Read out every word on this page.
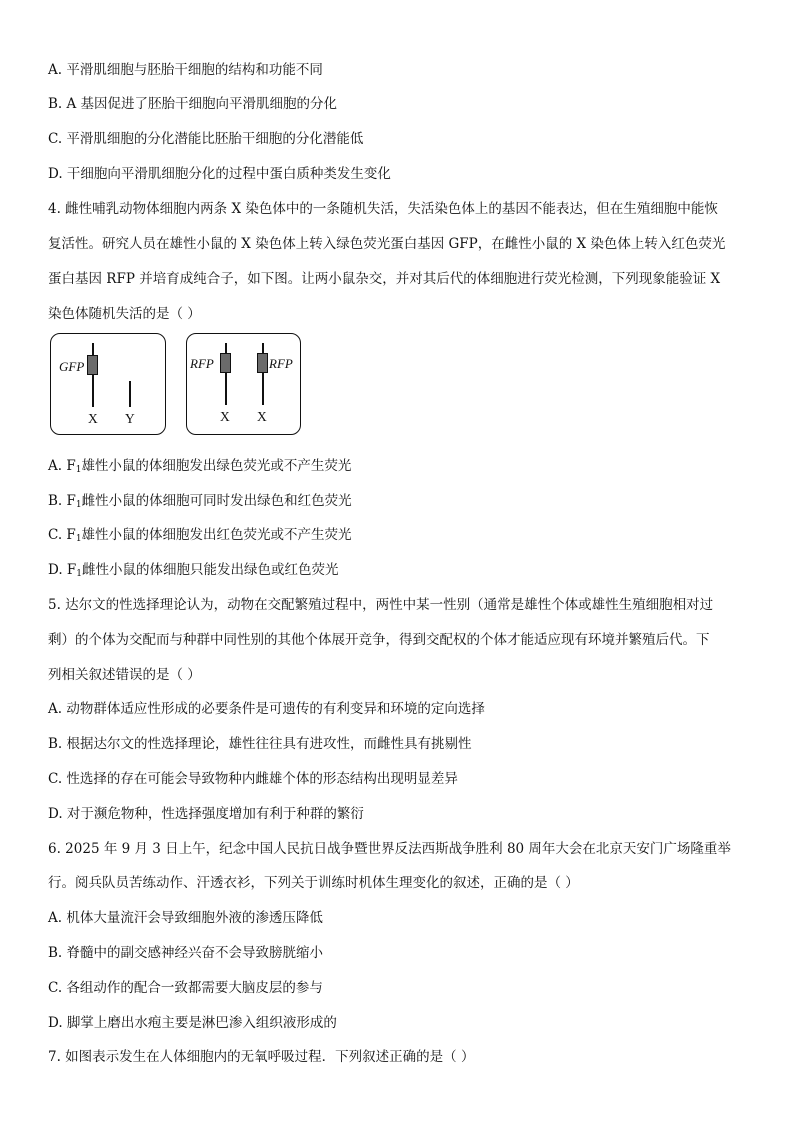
A. 平滑肌细胞与胚胎干细胞的结构和功能不同
B. A 基因促进了胚胎干细胞向平滑肌细胞的分化
C. 平滑肌细胞的分化潜能比胚胎干细胞的分化潜能低
D. 干细胞向平滑肌细胞分化的过程中蛋白质种类发生变化
4. 雌性哺乳动物体细胞内两条 X 染色体中的一条随机失活，失活染色体上的基因不能表达，但在生殖细胞中能恢
复活性。研究人员在雄性小鼠的 X 染色体上转入绿色荧光蛋白基因 GFP，在雌性小鼠的 X 染色体上转入红色荧光
蛋白基因 RFP 并培育成纯合子，如下图。让两小鼠杂交，并对其后代的体细胞进行荧光检测，下列现象能验证 X
染色体随机失活的是（ ）
GFP
X Y
RFP	RFP
X X
A. $F_1$雄性小鼠的体细胞发出绿色荧光或不产生荧光
B. $F_1$雌性小鼠的体细胞可同时发出绿色和红色荧光
C. $F_1$雄性小鼠的体细胞发出红色荧光或不产生荧光
D. $F_1$雌性小鼠的体细胞只能发出绿色或红色荧光
5. 达尔文的性选择理论认为，动物在交配繁殖过程中，两性中某一性别（通常是雄性个体或雄性生殖细胞相对过
剩）的个体为交配而与种群中同性别的其他个体展开竞争，得到交配权的个体才能适应现有环境并繁殖后代。下
列相关叙述错误的是（ ）
A. 动物群体适应性形成的必要条件是可遗传的有利变异和环境的定向选择
B. 根据达尔文的性选择理论，雄性往往具有进攻性，而雌性具有挑剔性
C. 性选择的存在可能会导致物种内雌雄个体的形态结构出现明显差异
D. 对于濒危物种，性选择强度增加有利于种群的繁衍
6. 2025 年 9 月 3 日上午，纪念中国人民抗日战争暨世界反法西斯战争胜利 80 周年大会在北京天安门广场隆重举
行。阅兵队员苦练动作、汗透衣衫，下列关于训练时机体生理变化的叙述，正确的是（ ）
A. 机体大量流汗会导致细胞外液的渗透压降低
B. 脊髓中的副交感神经兴奋不会导致膀胱缩小
C. 各组动作的配合一致都需要大脑皮层的参与
D. 脚掌上磨出水疱主要是淋巴渗入组织液形成的
7. 如图表示发生在人体细胞内的无氧呼吸过程．下列叙述正确的是（ ）
